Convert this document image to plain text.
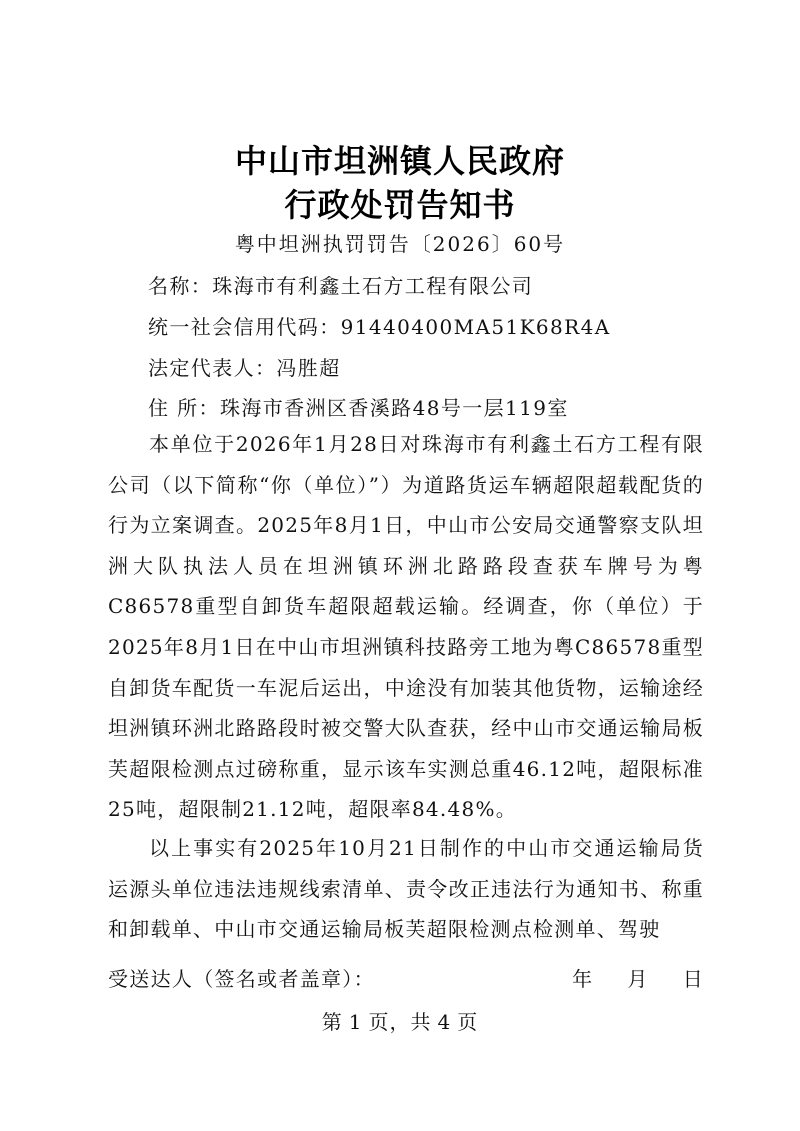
中山市坦洲镇人民政府
行政处罚告知书
粤中坦洲执罚罚告〔2026〕60号
名称：珠海市有利鑫土石方工程有限公司
统一社会信用代码：91440400MA51K68R4A
法定代表人：冯胜超
住 所：珠海市香洲区香溪路48号一层119室
本单位于2026年1月28日对珠海市有利鑫土石方工程有限公司（以下简称“你（单位）”）为道路货运车辆超限超载配货的行为立案调查。2025年8月1日，中山市公安局交通警察支队坦洲大队执法人员在坦洲镇环洲北路路段查获车牌号为粤C86578重型自卸货车超限超载运输。经调查，你（单位）于2025年8月1日在中山市坦洲镇科技路旁工地为粤C86578重型自卸货车配货一车泥后运出，中途没有加装其他货物，运输途经坦洲镇环洲北路路段时被交警大队查获，经中山市交通运输局板芙超限检测点过磅称重，显示该车实测总重46.12吨，超限标准25吨，超限制21.12吨，超限率84.48%。
以上事实有2025年10月21日制作的中山市交通运输局货运源头单位违法违规线索清单、责令改正违法行为通知书、称重和卸载单、中山市交通运输局板芙超限检测点检测单、驾驶
受送达人（签名或者盖章）：	年 月 日
第 1 页，共 4 页
